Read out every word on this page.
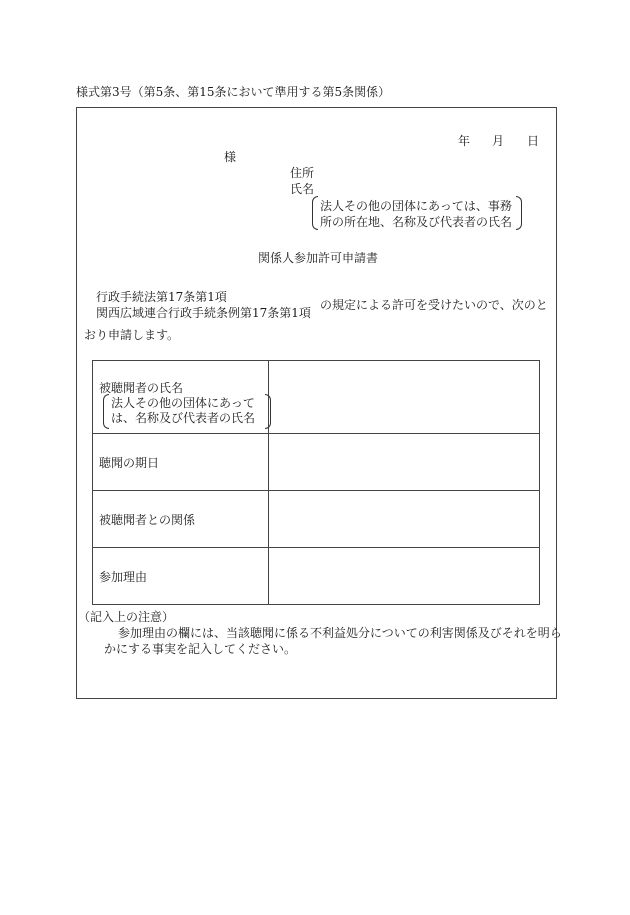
様式第3号（第5条、第15条において準用する第5条関係）
年 月 日
様
住所
氏名
法人その他の団体にあっては、事務
所の所在地、名称及び代表者の氏名
関係人参加許可申請書
行政手続法第17条第1項
関西広域連合行政手続条例第17条第1項
の規定による許可を受けたいので、次のと
おり申請します。
被聴聞者の氏名
法人その他の団体にあって
は、名称及び代表者の氏名	

聴聞の期日	

被聴聞者との関係	

参加理由	

（記入上の注意）
参加理由の欄には、当該聴聞に係る不利益処分についての利害関係及びそれを明ら
かにする事実を記入してください。
